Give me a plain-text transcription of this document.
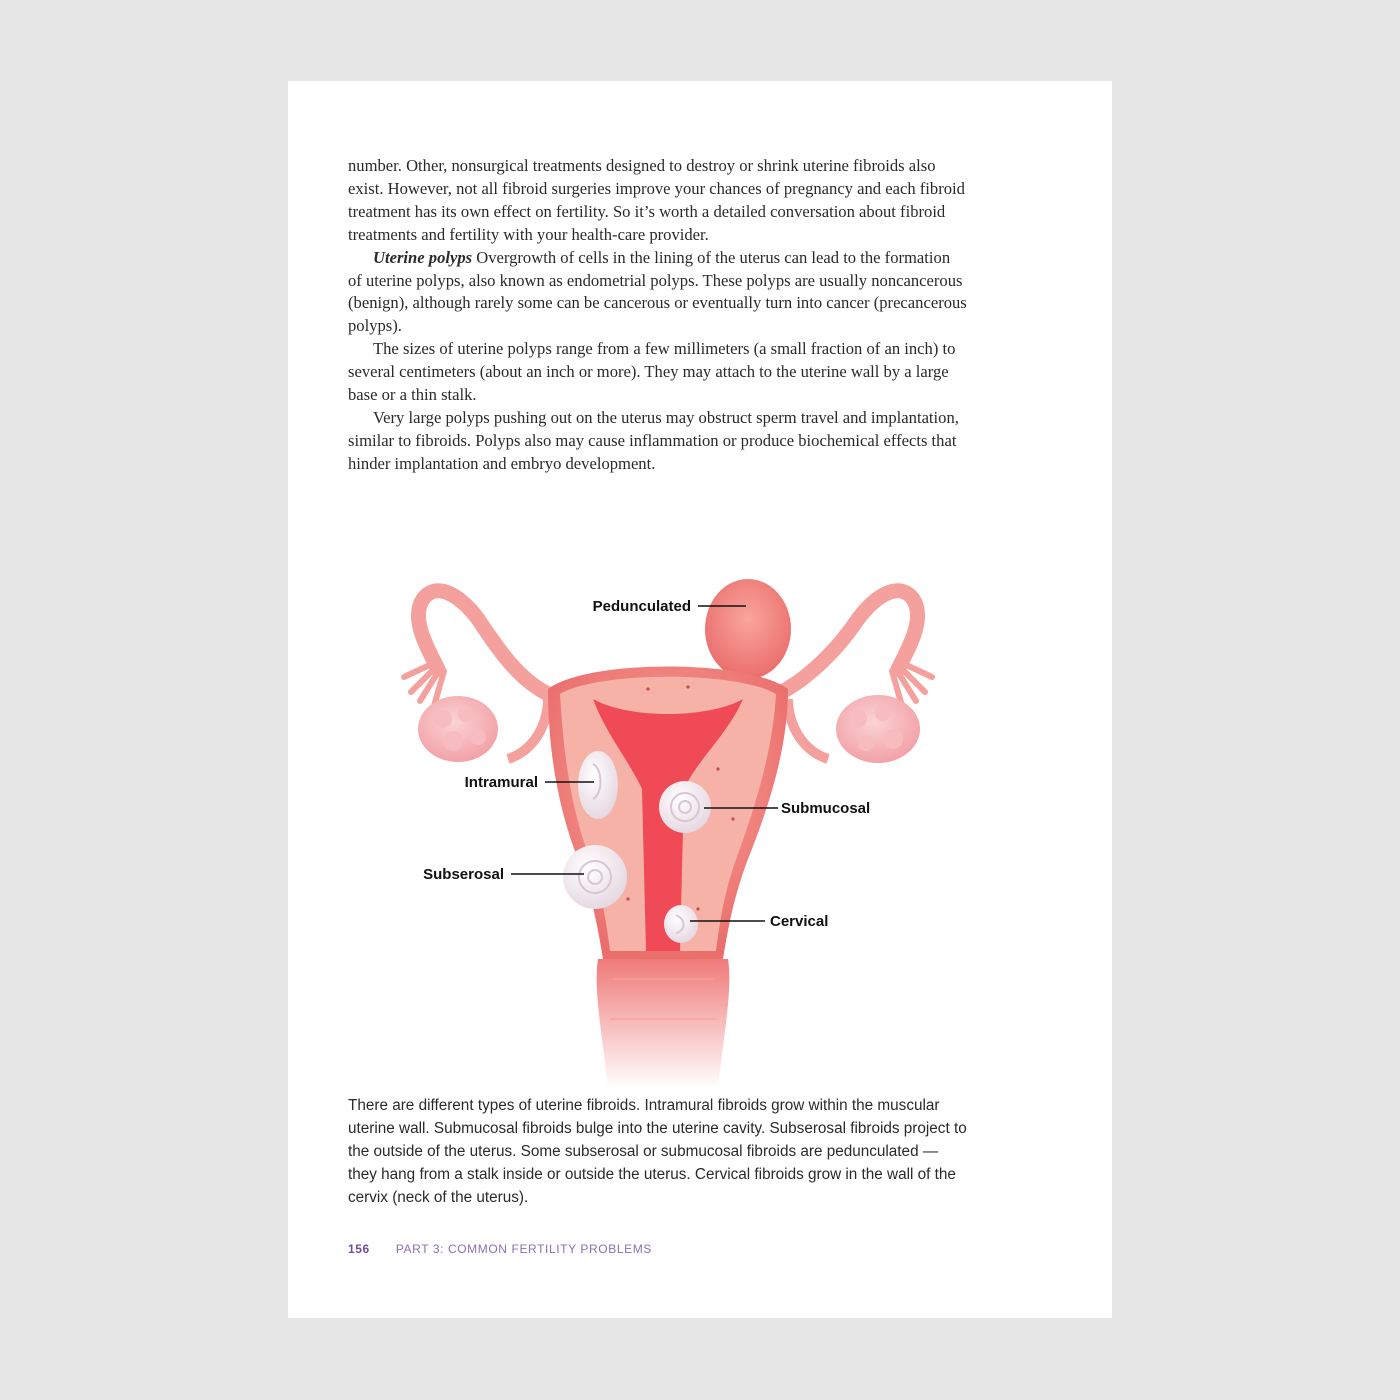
number. Other, nonsurgical treatments designed to destroy or shrink uterine fibroids also exist. However, not all fibroid surgeries improve your chances of pregnancy and each fibroid treatment has its own effect on fertility. So it’s worth a detailed conversation about fibroid treatments and fertility with your health-care provider.

Uterine polyps Overgrowth of cells in the lining of the uterus can lead to the formation of uterine polyps, also known as endometrial polyps. These polyps are usually noncancerous (benign), although rarely some can be cancerous or eventually turn into cancer (precancerous polyps).

The sizes of uterine polyps range from a few millimeters (a small fraction of an inch) to several centimeters (about an inch or more). They may attach to the uterine wall by a large base or a thin stalk.

Very large polyps pushing out on the uterus may obstruct sperm travel and implantation, similar to fibroids. Polyps also may cause inflammation or produce biochemical effects that hinder implantation and embryo development.

Pedunculated
Intramural
Submucosal
Subserosal
Cervical

There are different types of uterine fibroids. Intramural fibroids grow within the muscular uterine wall. Submucosal fibroids bulge into the uterine cavity. Subserosal fibroids project to the outside of the uterus. Some subserosal or submucosal fibroids are pedunculated — they hang from a stalk inside or outside the uterus. Cervical fibroids grow in the wall of the cervix (neck of the uterus).

156 PART 3: COMMON FERTILITY PROBLEMS
